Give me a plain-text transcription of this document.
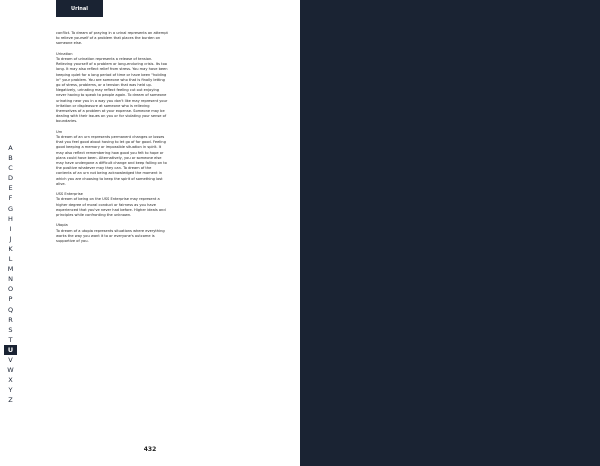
Urinal
conflict. To dream of praying in a urinal represents an attempt to relieve yourself of a problem that places the burden on someone else.
Urination
To dream of urination represents a release of tension. Relieving yourself of a problem or long-enduring crisis. Its too long. It may also reflect relief from stress. You may have been keeping quiet for a long period of time or have been "holding in" your problem. You are someone who that is finally letting go of stress, problems, or a tension that was held up. Negatively, urinating may reflect feeling cut out enjoying never having to speak to people again. To dream of someone urinating near you in a way you don't like may represent your irritation or displeasure at someone who is relieving themselves of a problem at your expense. Someone may be dealing with their issues on you or for violating your sense of boundaries.
Urn
To dream of an urn represents permanent changes or losses that you feel good about having to let go of for good. Feeling good keeping a memory or impossible situation in spirit. It may also reflect remembering how good you felt to hope or plans could have been. Alternatively, you or someone else may have undergone a difficult change and keep falling on to the positive whatever may they can. To dream of the contents of an urn not being acknowledged the moment in which you are choosing to keep the spirit of something lost alive.
USS Enterprise
To dream of being on the USS Enterprise may represent a higher degree of moral conduct or fairness as you have experienced that you've never had before. Higher ideals and principles while confronting the unknown.
Utopia
To dream of a utopia represents situations where everything works the way you want it to or everyone's outcome is supportive of you.
A
B
C
D
E
F
G
H
I
J
K
L
M
N
O
P
Q
R
S
T
U
V
W
X
Y
Z
432
